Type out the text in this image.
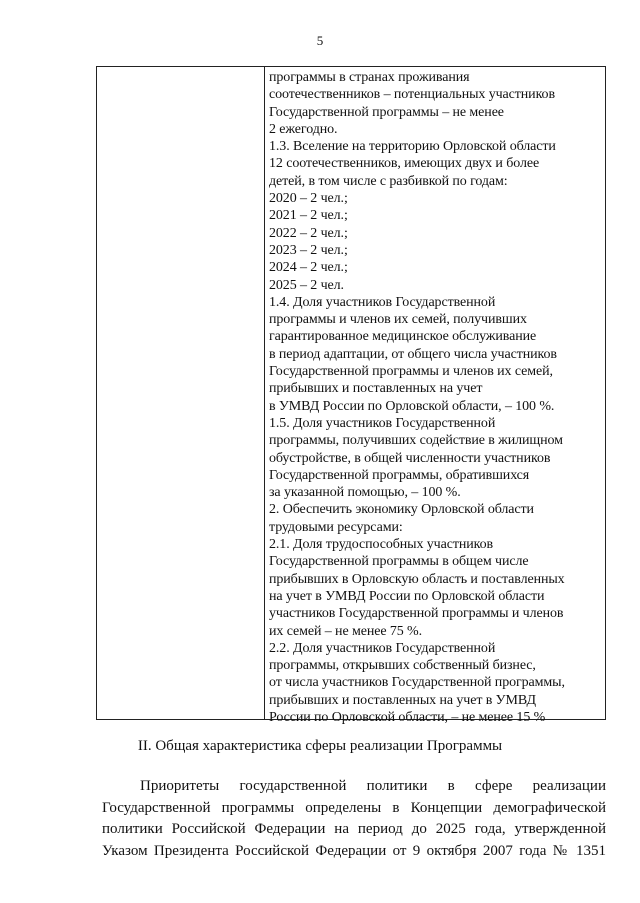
5
программы в странах проживания
соотечественников – потенциальных участников
Государственной программы – не менее
2 ежегодно.
1.3. Вселение на территорию Орловской области
12 соотечественников, имеющих двух и более
детей, в том числе с разбивкой по годам:
2020 – 2 чел.;
2021 – 2 чел.;
2022 – 2 чел.;
2023 – 2 чел.;
2024 – 2 чел.;
2025 – 2 чел.
1.4. Доля участников Государственной
программы и членов их семей, получивших
гарантированное медицинское обслуживание
в период адаптации, от общего числа участников
Государственной программы и членов их семей,
прибывших и поставленных на учет
в УМВД России по Орловской области, – 100 %.
1.5. Доля участников Государственной
программы, получивших содействие в жилищном
обустройстве, в общей численности участников
Государственной программы, обратившихся
за указанной помощью, – 100 %.
2. Обеспечить экономику Орловской области
трудовыми ресурсами:
2.1. Доля трудоспособных участников
Государственной программы в общем числе
прибывших в Орловскую область и поставленных
на учет в УМВД России по Орловской области
участников Государственной программы и членов
их семей – не менее 75 %.
2.2. Доля участников Государственной
программы, открывших собственный бизнес,
от числа участников Государственной программы,
прибывших и поставленных на учет в УМВД
России по Орловской области, – не менее 15 %
II. Общая характеристика сферы реализации Программы
Приоритеты государственной политики в сфере реализации
Государственной программы определены в Концепции демографической
политики Российской Федерации на период до 2025 года, утвержденной
Указом Президента Российской Федерации от 9 октября 2007 года № 1351
